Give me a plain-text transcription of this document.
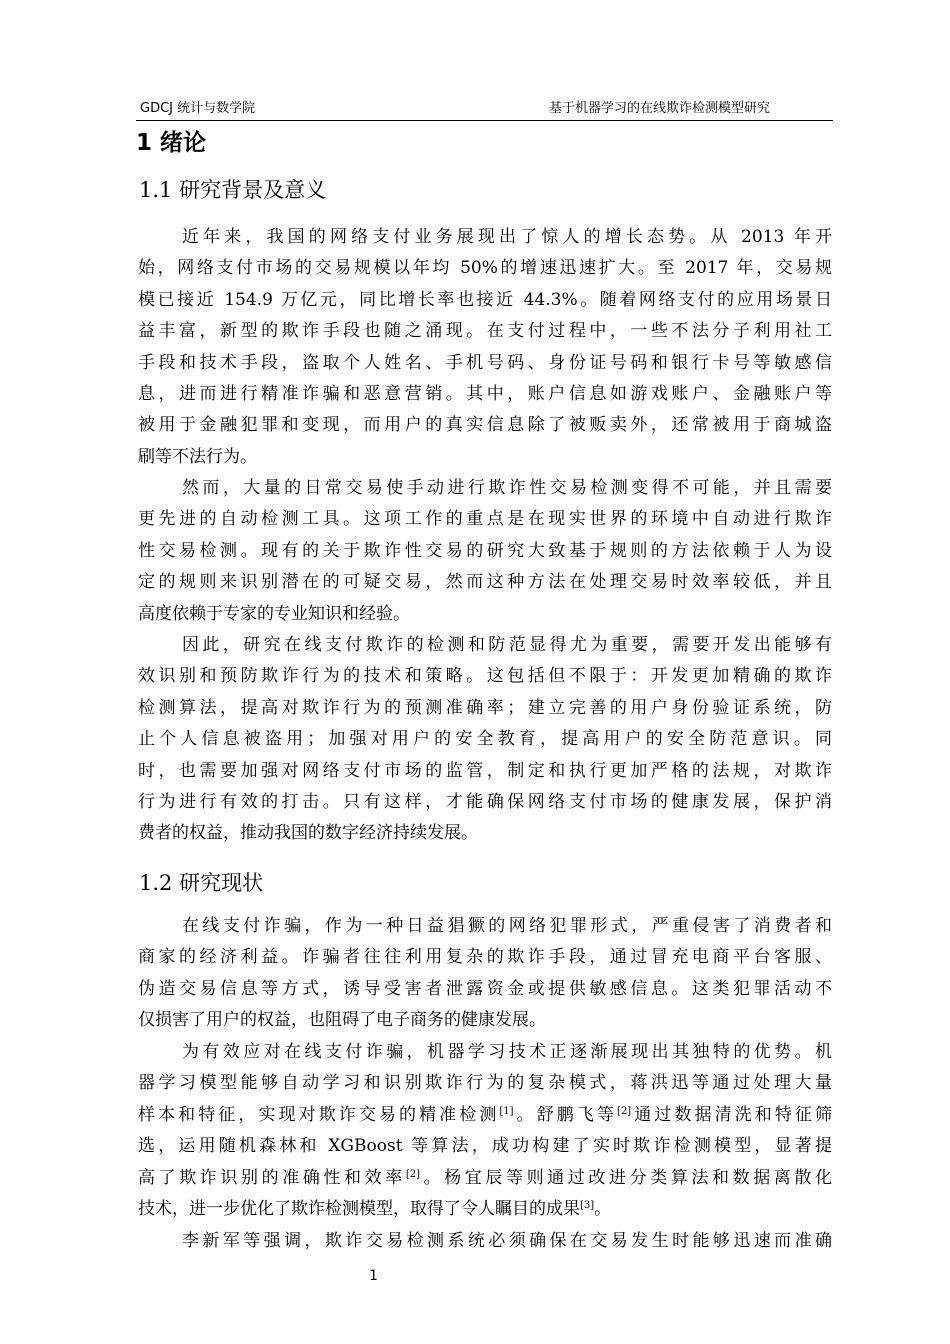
GDCJ 统计与数学院	基于机器学习的在线欺诈检测模型研究
1 绪论
1.1 研究背景及意义
近年来，我国的网络支付业务展现出了惊人的增长态势。从 2013 年开
始，网络支付市场的交易规模以年均 50%的增速迅速扩大。至 2017 年，交易规
模已接近 154.9 万亿元，同比增长率也接近 44.3%。随着网络支付的应用场景日
益丰富，新型的欺诈手段也随之涌现。在支付过程中，一些不法分子利用社工
手段和技术手段，盗取个人姓名、手机号码、身份证号码和银行卡号等敏感信
息，进而进行精准诈骗和恶意营销。其中，账户信息如游戏账户、金融账户等
被用于金融犯罪和变现，而用户的真实信息除了被贩卖外，还常被用于商城盗
刷等不法行为。
然而，大量的日常交易使手动进行欺诈性交易检测变得不可能，并且需要
更先进的自动检测工具。这项工作的重点是在现实世界的环境中自动进行欺诈
性交易检测。现有的关于欺诈性交易的研究大致基于规则的方法依赖于人为设
定的规则来识别潜在的可疑交易，然而这种方法在处理交易时效率较低，并且
高度依赖于专家的专业知识和经验。
因此，研究在线支付欺诈的检测和防范显得尤为重要，需要开发出能够有
效识别和预防欺诈行为的技术和策略。这包括但不限于：开发更加精确的欺诈
检测算法，提高对欺诈行为的预测准确率；建立完善的用户身份验证系统，防
止个人信息被盗用；加强对用户的安全教育，提高用户的安全防范意识。同
时，也需要加强对网络支付市场的监管，制定和执行更加严格的法规，对欺诈
行为进行有效的打击。只有这样，才能确保网络支付市场的健康发展，保护消
费者的权益，推动我国的数字经济持续发展。
1.2 研究现状
在线支付诈骗，作为一种日益猖獗的网络犯罪形式，严重侵害了消费者和
商家的经济利益。诈骗者往往利用复杂的欺诈手段，通过冒充电商平台客服、
伪造交易信息等方式，诱导受害者泄露资金或提供敏感信息。这类犯罪活动不
仅损害了用户的权益，也阻碍了电子商务的健康发展。
为有效应对在线支付诈骗，机器学习技术正逐渐展现出其独特的优势。机
器学习模型能够自动学习和识别欺诈行为的复杂模式，蒋洪迅等通过处理大量
样本和特征，实现对欺诈交易的精准检测[1]。舒鹏飞等[2]通过数据清洗和特征筛
选，运用随机森林和 XGBoost 等算法，成功构建了实时欺诈检测模型，显著提
高了欺诈识别的准确性和效率[2]。杨宜辰等则通过改进分类算法和数据离散化
技术，进一步优化了欺诈检测模型，取得了令人瞩目的成果[3]。
李新军等强调，欺诈交易检测系统必须确保在交易发生时能够迅速而准确
1
